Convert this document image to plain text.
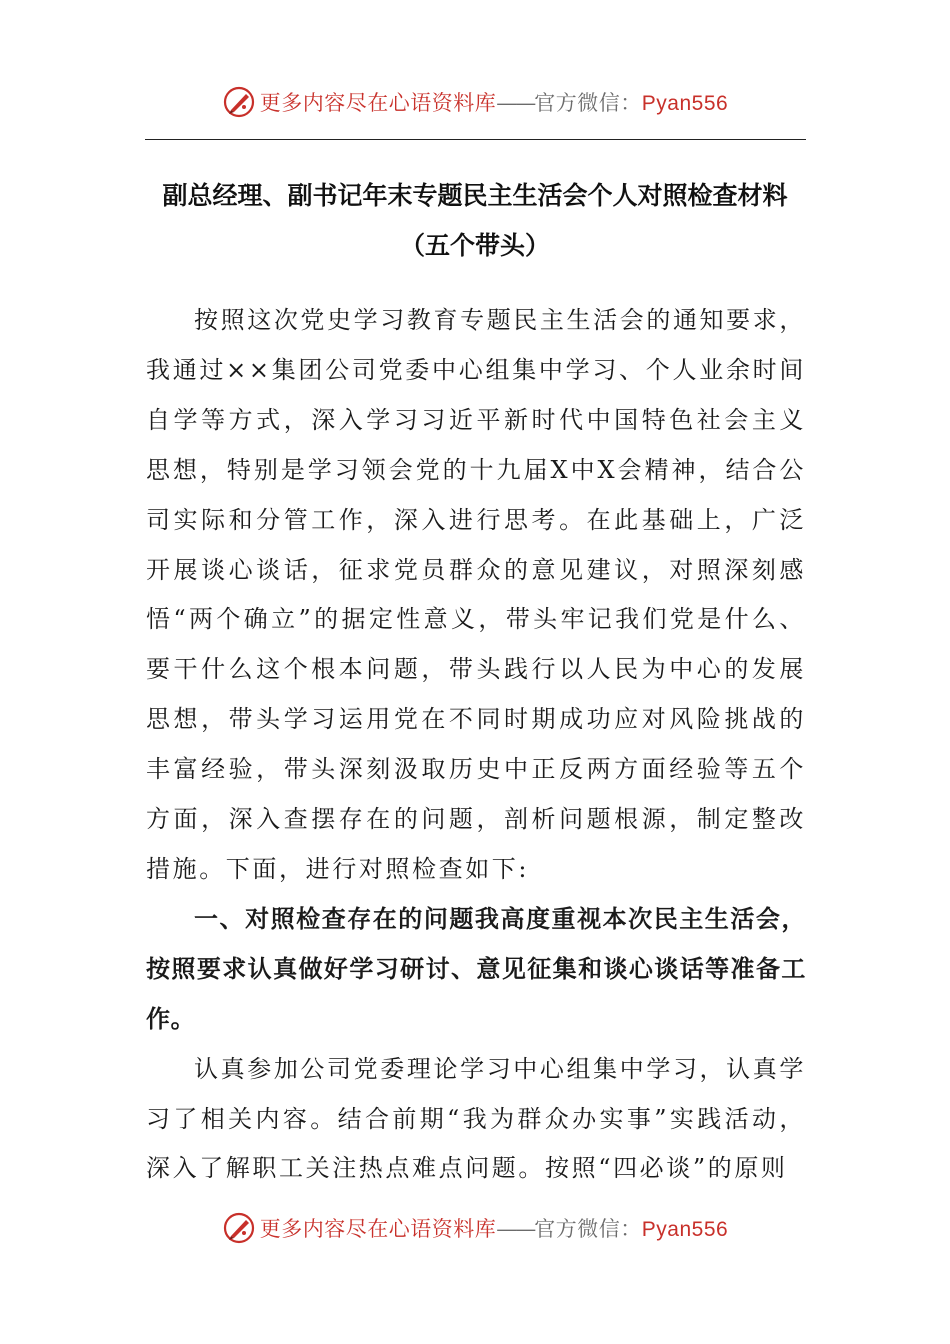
更多内容尽在心语资料库——官方微信：Pyan556
副总经理、副书记年末专题民主生活会个人对照检查材料
（五个带头）

按照这次党史学习教育专题民主生活会的通知要求，我通过××集团公司党委中心组集中学习、个人业余时间自学等方式，深入学习习近平新时代中国特色社会主义思想，特别是学习领会党的十九届X中X会精神，结合公司实际和分管工作，深入进行思考。在此基础上，广泛开展谈心谈话，征求党员群众的意见建议，对照深刻感悟“两个确立”的据定性意义，带头牢记我们党是什么、要干什么这个根本问题，带头践行以人民为中心的发展思想，带头学习运用党在不同时期成功应对风险挑战的丰富经验，带头深刻汲取历史中正反两方面经验等五个方面，深入查摆存在的问题，剖析问题根源，制定整改措施。下面，进行对照检查如下:

一、对照检查存在的问题我高度重视本次民主生活会，按照要求认真做好学习研讨、意见征集和谈心谈话等准备工作。

认真参加公司党委理论学习中心组集中学习，认真学习了相关内容。结合前期“我为群众办实事”实践活动，深入了解职工关注热点难点问题。按照“四必谈”的原则

更多内容尽在心语资料库——官方微信：Pyan556
